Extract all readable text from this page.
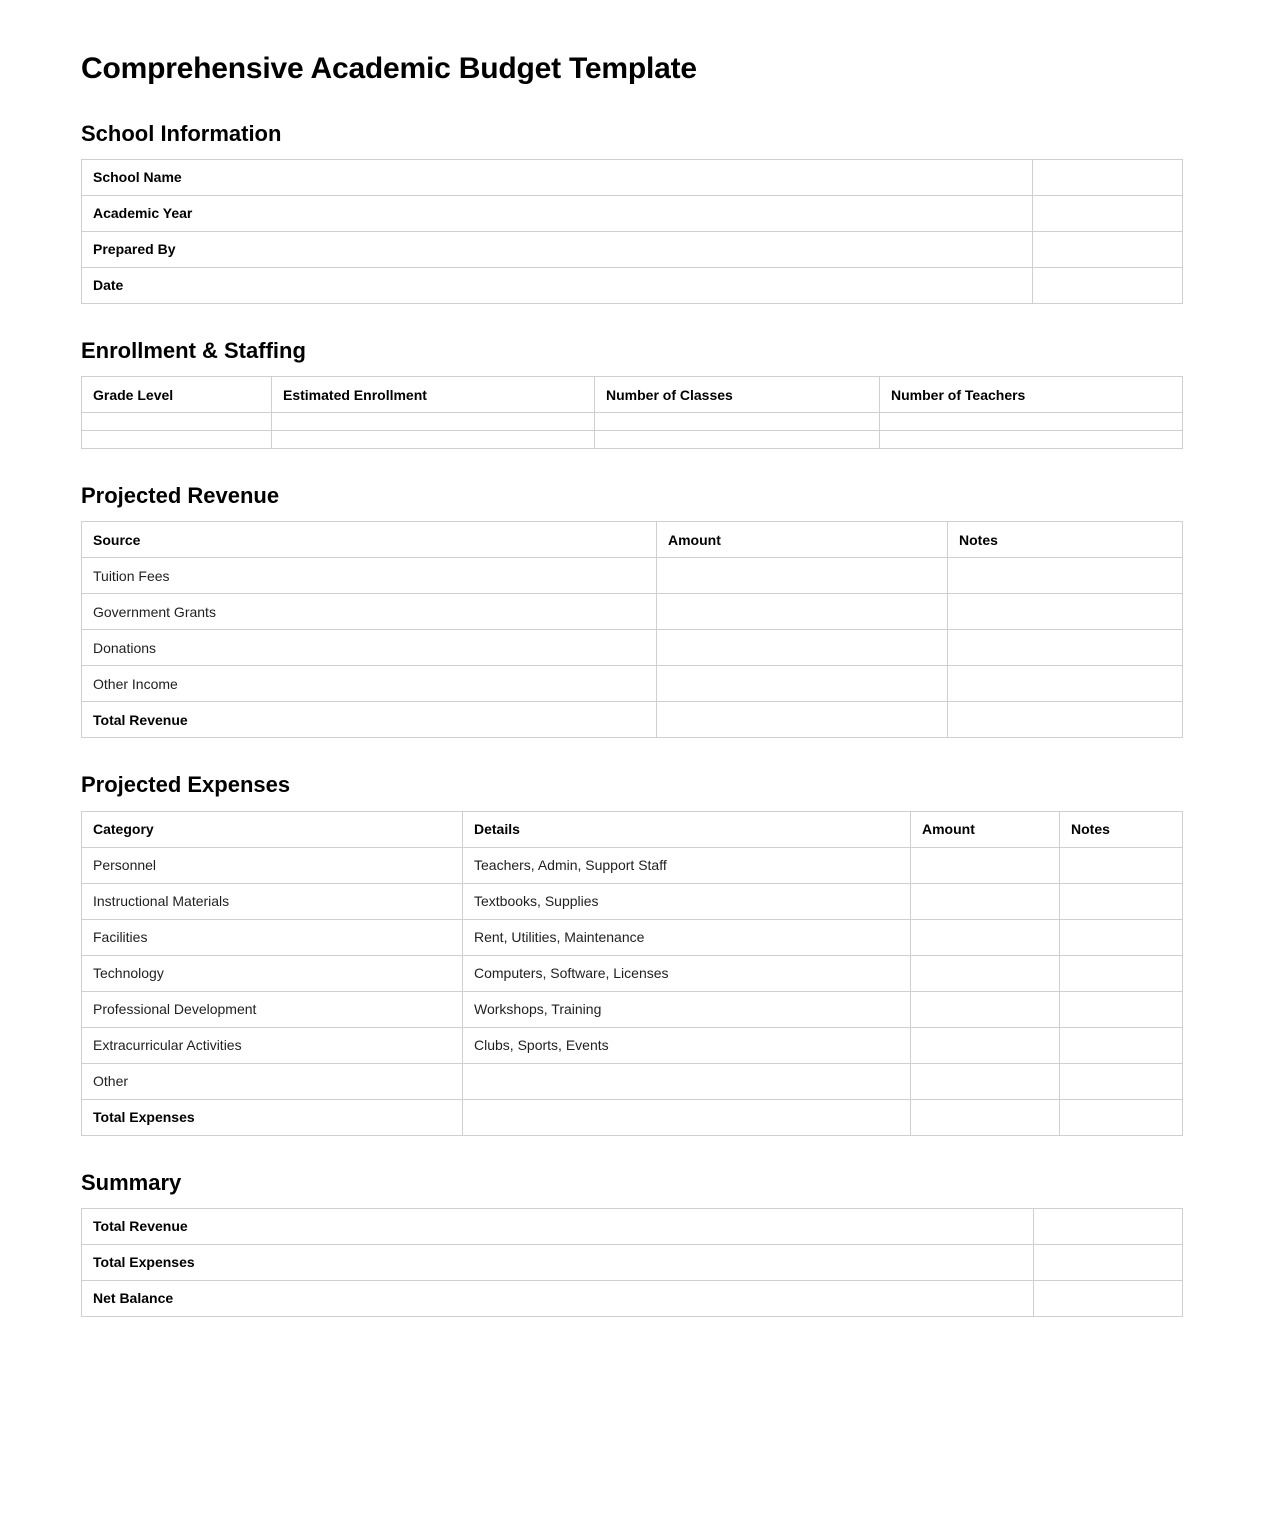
Comprehensive Academic Budget Template
School Information
School Name	
Academic Year	
Prepared By	
Date	
Enrollment & Staffing
Grade Level	Estimated Enrollment	Number of Classes	Number of Teachers

Projected Revenue
Source	Amount	Notes
Tuition Fees		
Government Grants		
Donations		
Other Income		
Total Revenue		
Projected Expenses
Category	Details	Amount	Notes
Personnel	Teachers, Admin, Support Staff		
Instructional Materials	Textbooks, Supplies		
Facilities	Rent, Utilities, Maintenance		
Technology	Computers, Software, Licenses		
Professional Development	Workshops, Training		
Extracurricular Activities	Clubs, Sports, Events		
Other			
Total Expenses			
Summary
Total Revenue	
Total Expenses	
Net Balance	
